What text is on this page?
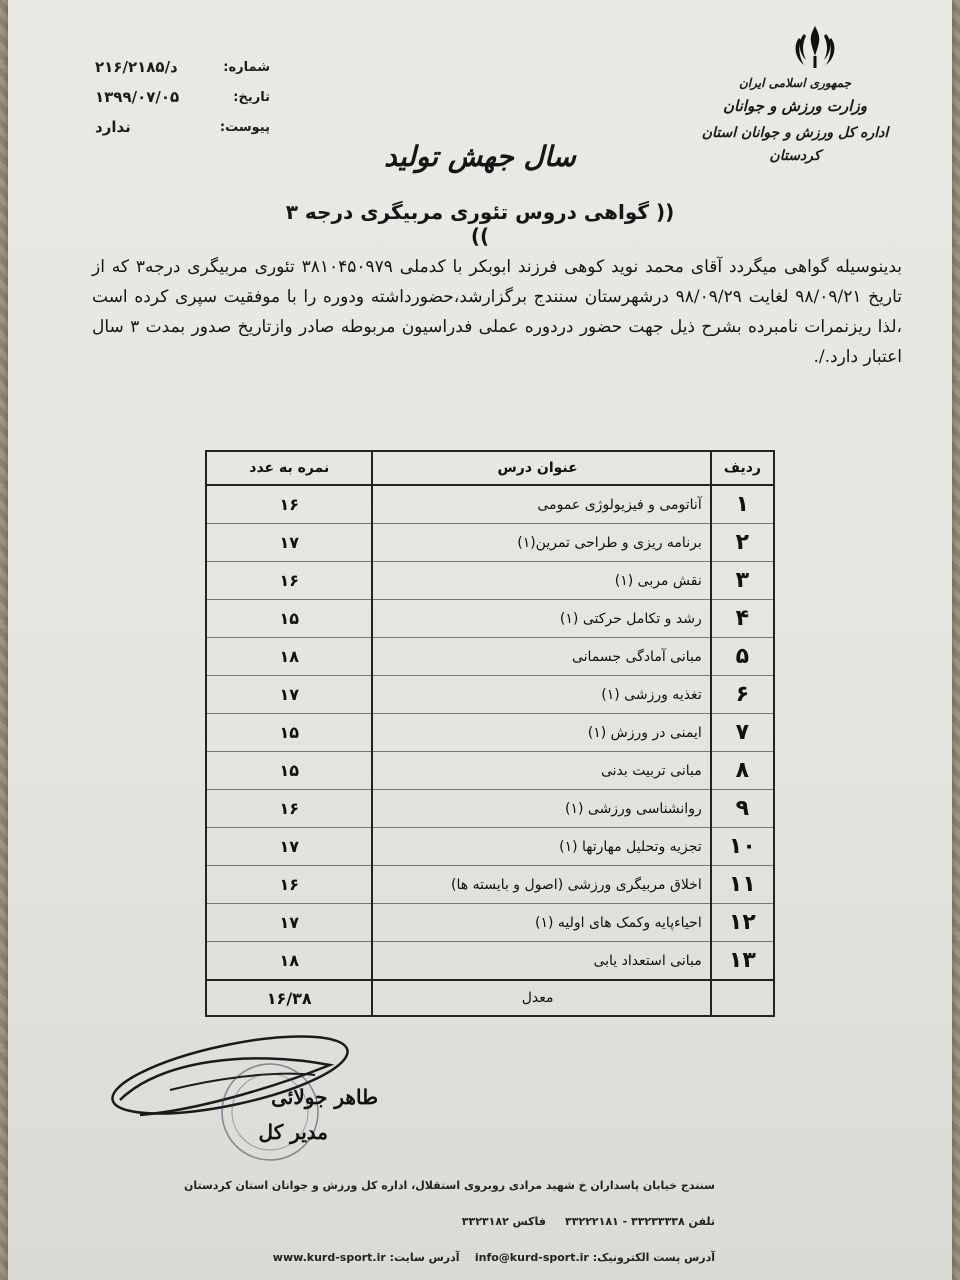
شماره:
د/۲۱۶/۲۱۸۵
تاریخ:
۱۳۹۹/۰۷/۰۵
پیوست:
ندارد
جمهوری اسلامی ایران
وزارت ورزش و جوانان
اداره کل ورزش و جوانان استان کردستان
سال جهش تولید
(( گواهی دروس تئوری مربیگری درجه ۳ ))
بدینوسیله گواهی میگردد آقای محمد نوید کوهی فرزند ابوبکر با کدملی ۳۸۱۰۴۵۰۹۷۹ تئوری مربیگری درجه۳ که از تاریخ ۹۸/۰۹/۲۱ لغایت ۹۸/۰۹/۲۹ درشهرستان سنندج برگزارشد،حضورداشته ودوره را با موفقیت سپری کرده است ،لذا ریزنمرات نامبرده بشرح ذیل جهت حضور دردوره عملی فدراسیون مربوطه صادر وازتاریخ صدور بمدت ۳ سال اعتبار دارد./.
ردیف	عنوان درس	نمره به عدد
۱	آناتومی و فیزیولوژی عمومی	۱۶
۲	برنامه ریزی و طراحی تمرین(۱)	۱۷
۳	نقش مربی (۱)	۱۶
۴	رشد و تکامل حرکتی (۱)	۱۵
۵	مبانی آمادگی جسمانی	۱۸
۶	تغذیه ورزشی (۱)	۱۷
۷	ایمنی در ورزش (۱)	۱۵
۸	مبانی تربیت بدنی	۱۵
۹	روانشناسی ورزشی (۱)	۱۶
۱۰	تجزیه وتحلیل مهارتها (۱)	۱۷
۱۱	اخلاق مربیگری ورزشی (اصول و بایسته ها)	۱۶
۱۲	احیاءپایه وکمک های اولیه (۱)	۱۷
۱۳	مبانی استعداد یابی	۱۸
	معدل	۱۶/۳۸
طاهر جولائی
مدیر کل
سنندج خیابان پاسداران خ شهید مرادی روبروی استقلال، اداره کل ورزش و جوانان استان کردستان
تلفن ۳۳۲۳۳۳۳۸ - ۳۳۲۲۲۱۸۱     فاکس ۳۳۲۳۱۸۲
آدرس پست الکترونیک: info@kurd-sport.ir    آدرس سایت: www.kurd-sport.ir
